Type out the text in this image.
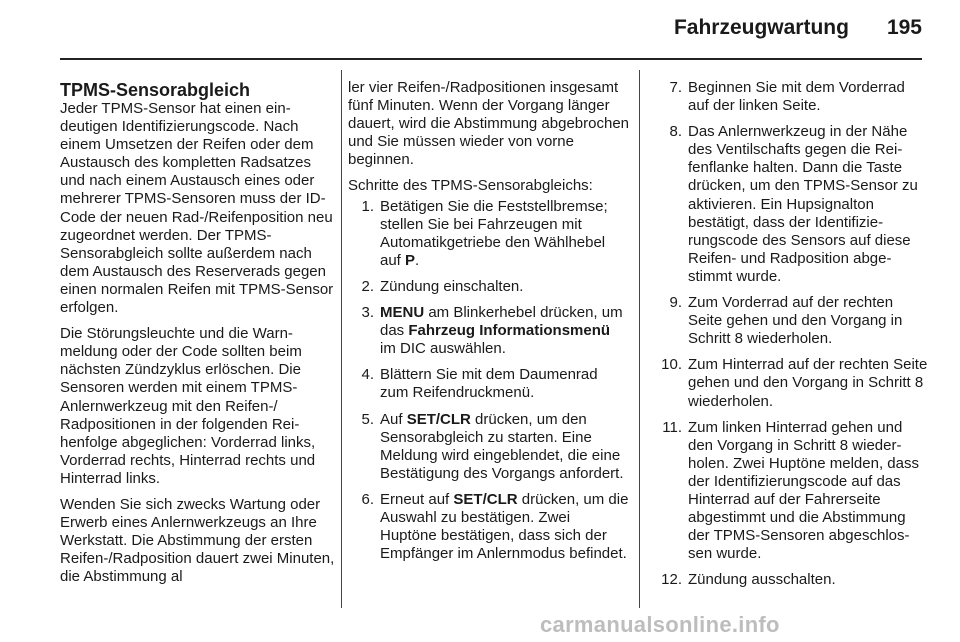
Fahrzeugwartung 195
TPMS-Sensorabgleich

Jeder TPMS-Sensor hat einen eindeutigen Identifizierungscode. Nach einem Umsetzen der Reifen oder dem Austausch des kompletten Radsatzes und nach einem Austausch eines oder mehrerer TPMS-Sensoren muss der ID-Code der neuen Rad-/Reifenposition neu zugeordnet werden. Der TPMS-Sensorabgleich sollte außerdem nach dem Austausch des Reserverads gegen einen normalen Reifen mit TPMS-Sensor erfolgen.

Die Störungsleuchte und die Warnmeldung oder der Code sollten beim nächsten Zündzyklus erlöschen. Die Sensoren werden mit einem TPMS-Anlernwerkzeug mit den Reifen-/ Radpositionen in der folgenden Reihenfolge abgeglichen: Vorderrad links, Vorderrad rechts, Hinterrad rechts und Hinterrad links.

Wenden Sie sich zwecks Wartung oder Erwerb eines Anlernwerkzeugs an Ihre Werkstatt. Die Abstimmung der ersten Reifen-/Radposition dauert zwei Minuten, die Abstimmung al

ler vier Reifen-/Radpositionen insgesamt fünf Minuten. Wenn der Vorgang länger dauert, wird die Abstimmung abgebrochen und Sie müssen wieder von vorne beginnen.

Schritte des TPMS-Sensorabgleichs:

1. Betätigen Sie die Feststellbremse; stellen Sie bei Fahrzeugen mit Automatikgetriebe den Wählhebel auf P.
2. Zündung einschalten.
3. MENU am Blinkerhebel drücken, um das Fahrzeug Informationsmenü im DIC auswählen.
4. Blättern Sie mit dem Daumenrad zum Reifendruckmenü.
5. Auf SET/CLR drücken, um den Sensorabgleich zu starten. Eine Meldung wird eingeblendet, die eine Bestätigung des Vorgangs anfordert.
6. Erneut auf SET/CLR drücken, um die Auswahl zu bestätigen. Zwei Huptöne bestätigen, dass sich der Empfänger im Anlernmodus befindet.
7. Beginnen Sie mit dem Vorderrad auf der linken Seite.
8. Das Anlernwerkzeug in der Nähe des Ventilschafts gegen die Reifenflanke halten. Dann die Taste drücken, um den TPMS-Sensor zu aktivieren. Ein Hupsignalton bestätigt, dass der Identifizierungscode des Sensors auf diese Reifen- und Radposition abgestimmt wurde.
9. Zum Vorderrad auf der rechten Seite gehen und den Vorgang in Schritt 8 wiederholen.
10. Zum Hinterrad auf der rechten Seite gehen und den Vorgang in Schritt 8 wiederholen.
11. Zum linken Hinterrad gehen und den Vorgang in Schritt 8 wiederholen. Zwei Huptöne melden, dass der Identifizierungscode auf das Hinterrad auf der Fahrerseite abgestimmt und die Abstimmung der TPMS-Sensoren abgeschlossen wurde.
12. Zündung ausschalten.
carmanualsonline.info
